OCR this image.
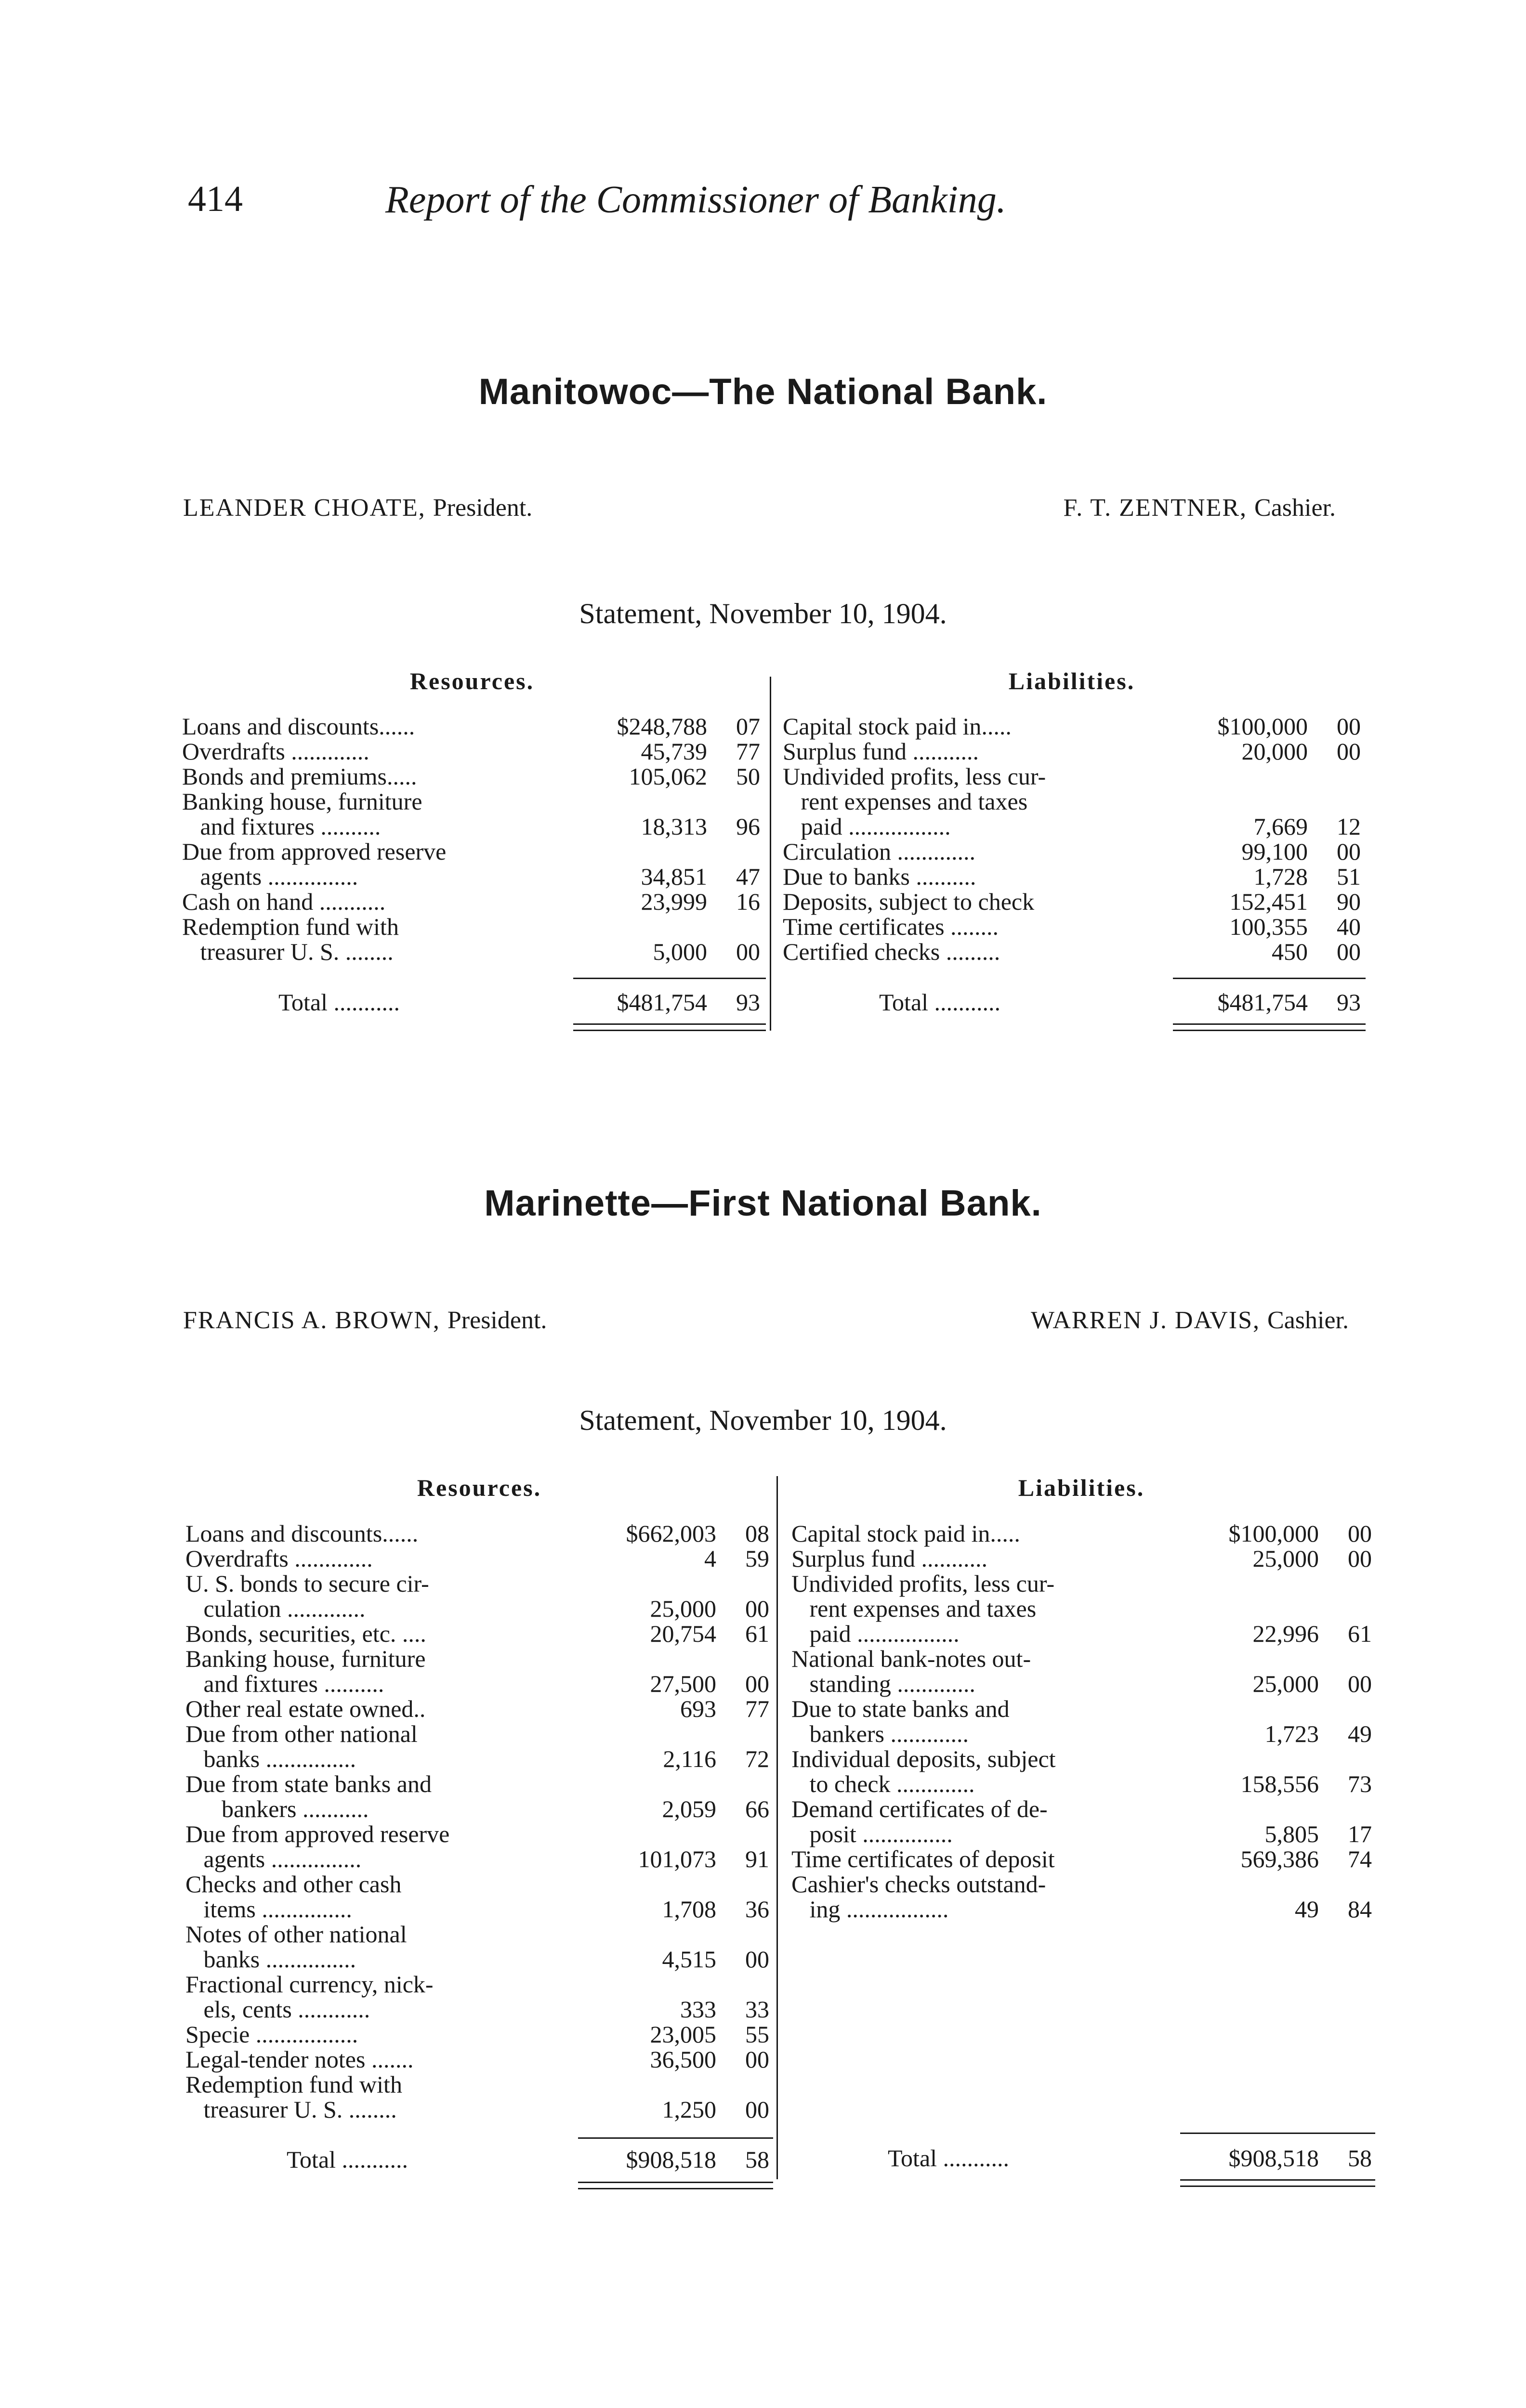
414	Report of the Commissioner of Banking.
Manitowoc—The National Bank.
LEANDER CHOATE, President.	F. T. ZENTNER, Cashier.
Statement, November 10, 1904.
Resources.	Liabilities.
Loans and discounts......	$248,788	07
Overdrafts .............	45,739	77
Bonds and premiums.....	105,062	50
Banking house, furniture
and fixtures ..........	18,313	96
Due from approved reserve
agents ...............	34,851	47
Cash on hand ...........	23,999	16
Redemption fund with
treasurer U. S. ........	5,000	00
Capital stock paid in.....	$100,000	00
Surplus fund ...........	20,000	00
Undivided profits, less cur-
rent expenses and taxes
paid .................	7,669	12
Circulation .............	99,100	00
Due to banks ..........	1,728	51
Deposits, subject to check	152,451	90
Time certificates ........	100,355	40
Certified checks .........	450	00
Total ...........	$481,754	93	Total ...........	$481,754	93
Marinette—First National Bank.
FRANCIS A. BROWN, President.	WARREN J. DAVIS, Cashier.
Statement, November 10, 1904.
Resources.	Liabilities.
Loans and discounts......	$662,003	08
Overdrafts .............	4	59
U. S. bonds to secure cir-
culation .............	25,000	00
Bonds, securities, etc. ....	20,754	61
Banking house, furniture
and fixtures ..........	27,500	00
Other real estate owned..	693	77
Due from other national
banks ...............	2,116	72
Due from state banks and
bankers ...........	2,059	66
Due from approved reserve
agents ...............	101,073	91
Checks and other cash
items ...............	1,708	36
Notes of other national
banks ...............	4,515	00
Fractional currency, nick-
els, cents ............	333	33
Specie .................	23,005	55
Legal-tender notes .......	36,500	00
Redemption fund with
treasurer U. S. ........	1,250	00
Capital stock paid in.....	$100,000	00
Surplus fund ...........	25,000	00
Undivided profits, less cur-
rent expenses and taxes
paid .................	22,996	61
National bank-notes out-
standing .............	25,000	00
Due to state banks and
bankers .............	1,723	49
Individual deposits, subject
to check .............	158,556	73
Demand certificates of de-
posit ...............	5,805	17
Time certificates of deposit	569,386	74
Cashier's checks outstand-
ing .................	49	84
Total ...........	$908,518	58	Total ...........	$908,518	58
